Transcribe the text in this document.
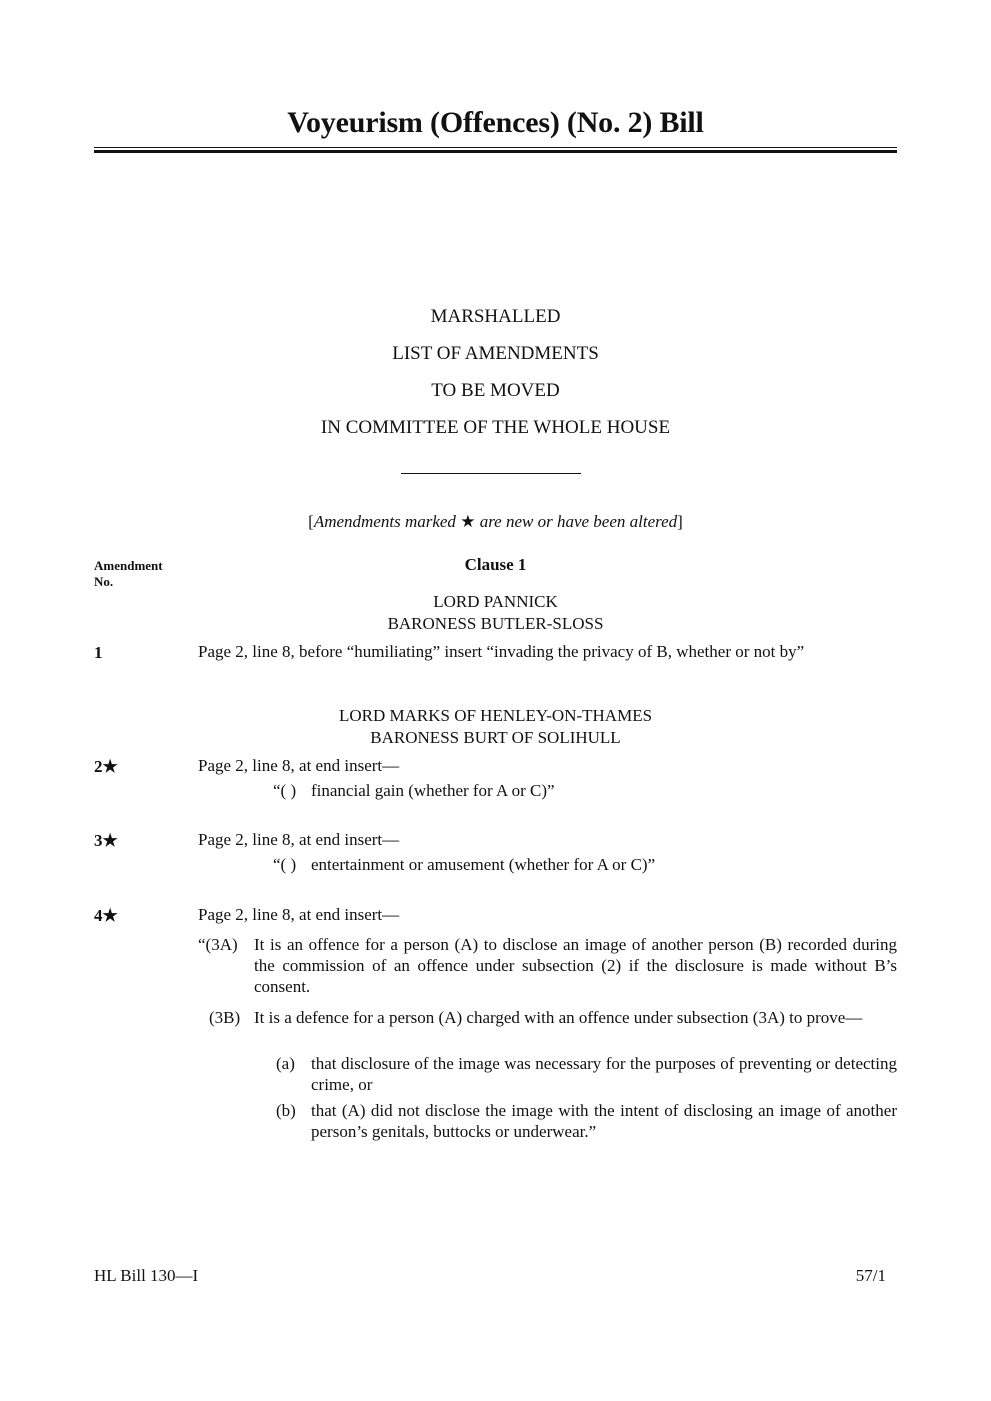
Voyeurism (Offences) (No. 2) Bill
MARSHALLED
LIST OF AMENDMENTS
TO BE MOVED
IN COMMITTEE OF THE WHOLE HOUSE
[Amendments marked ★ are new or have been altered]
Amendment
No.
Clause 1
LORD PANNICK
BARONESS BUTLER-SLOSS
1	Page 2, line 8, before “humiliating” insert “invading the privacy of B, whether or not by”
LORD MARKS OF HENLEY-ON-THAMES
BARONESS BURT OF SOLIHULL
2★	Page 2, line 8, at end insert—
“( ) financial gain (whether for A or C)”
3★	Page 2, line 8, at end insert—
“( ) entertainment or amusement (whether for A or C)”
4★	Page 2, line 8, at end insert—
“(3A) It is an offence for a person (A) to disclose an image of another person (B) recorded during the commission of an offence under subsection (2) if the disclosure is made without B’s consent.
(3B) It is a defence for a person (A) charged with an offence under subsection (3A) to prove—
(a) that disclosure of the image was necessary for the purposes of preventing or detecting crime, or
(b) that (A) did not disclose the image with the intent of disclosing an image of another person’s genitals, buttocks or underwear.”
HL Bill 130—I	57/1
